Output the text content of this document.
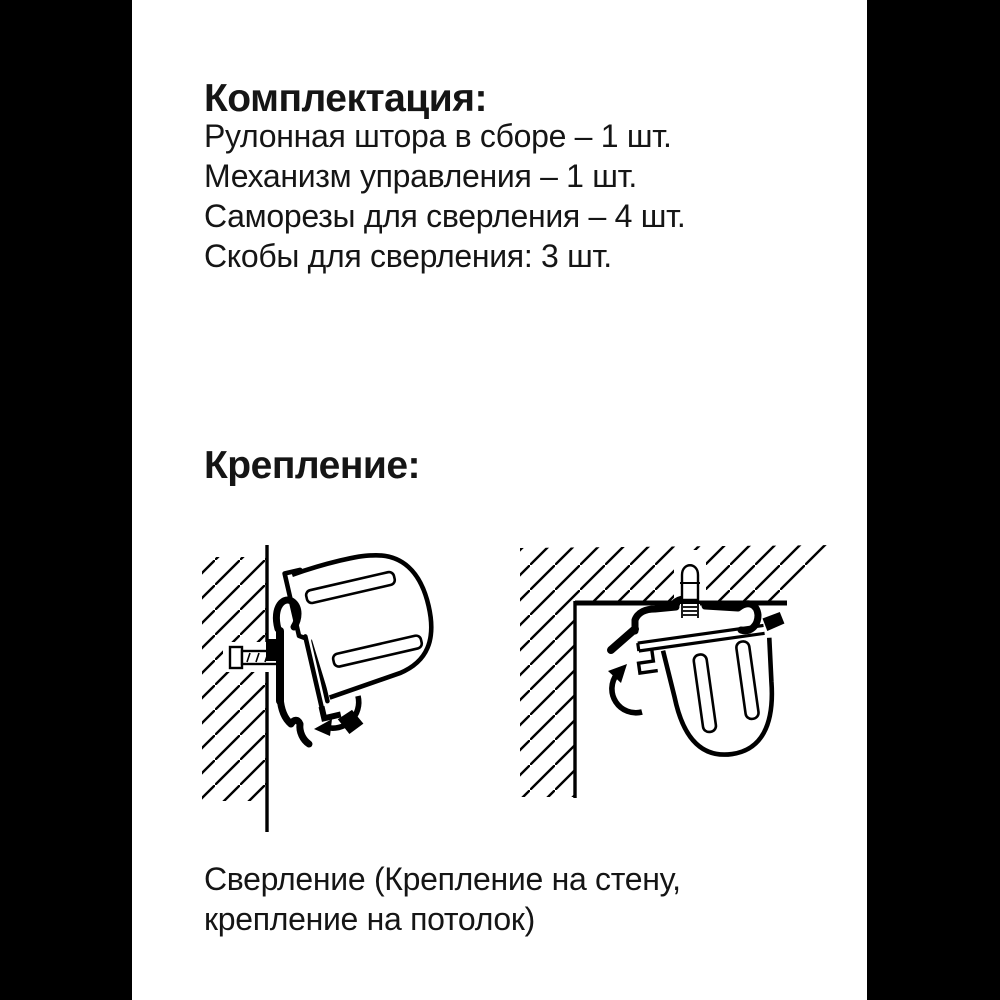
Комплектация:
Рулонная штора в сборе – 1 шт.
Механизм управления – 1 шт.
Саморезы для сверления – 4 шт.
Скобы для сверления: 3 шт.
Крепление:
Сверление (Крепление на стену,
крепление на потолок)
